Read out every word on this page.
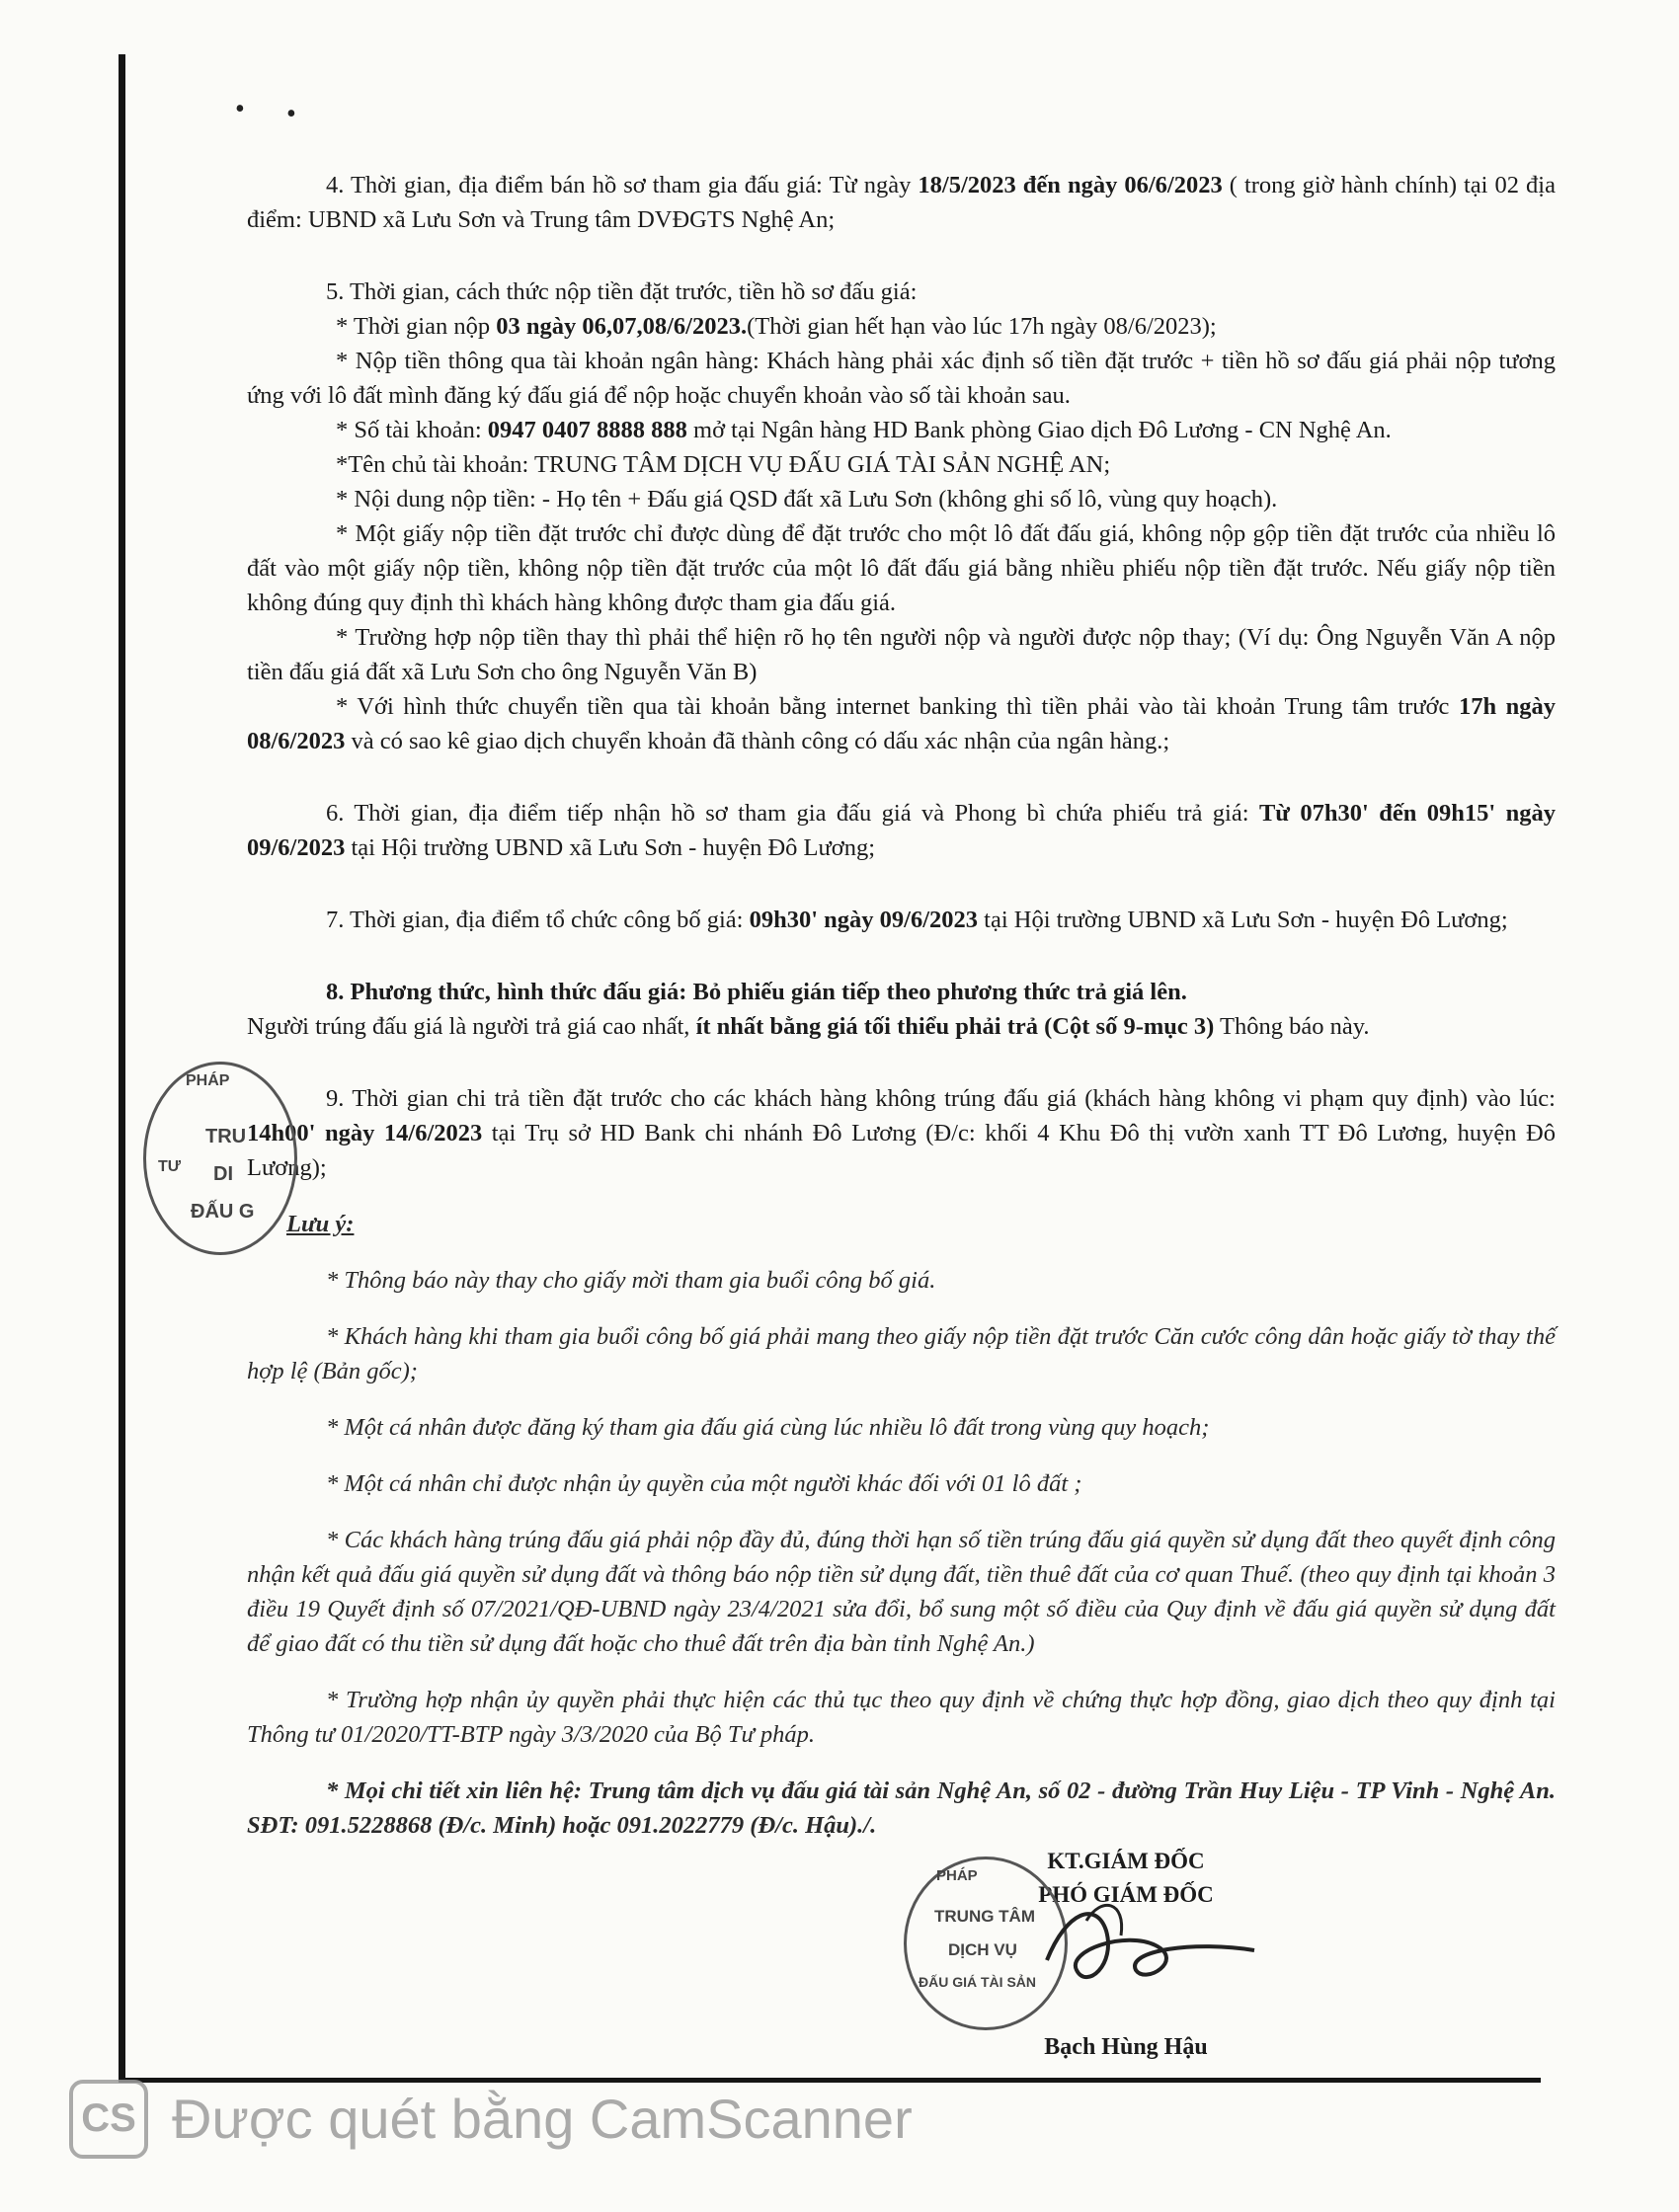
• •

4. Thời gian, địa điểm bán hồ sơ tham gia đấu giá: Từ ngày 18/5/2023 đến ngày 06/6/2023 ( trong giờ hành chính) tại 02 địa điểm: UBND xã Lưu Sơn và Trung tâm DVĐGTS Nghệ An;

5. Thời gian, cách thức nộp tiền đặt trước, tiền hồ sơ đấu giá:

* Thời gian nộp 03 ngày 06,07,08/6/2023.(Thời gian hết hạn vào lúc 17h ngày 08/6/2023);

* Nộp tiền thông qua tài khoản ngân hàng: Khách hàng phải xác định số tiền đặt trước + tiền hồ sơ đấu giá phải nộp tương ứng với lô đất mình đăng ký đấu giá để nộp hoặc chuyển khoản vào số tài khoản sau.

* Số tài khoản: 0947 0407 8888 888 mở tại Ngân hàng HD Bank phòng Giao dịch Đô Lương - CN Nghệ An.

*Tên chủ tài khoản: TRUNG TÂM DỊCH VỤ ĐẤU GIÁ TÀI SẢN NGHỆ AN;

* Nội dung nộp tiền: - Họ tên + Đấu giá QSD đất xã Lưu Sơn (không ghi số lô, vùng quy hoạch).

* Một giấy nộp tiền đặt trước chỉ được dùng để đặt trước cho một lô đất đấu giá, không nộp gộp tiền đặt trước của nhiều lô đất vào một giấy nộp tiền, không nộp tiền đặt trước của một lô đất đấu giá bằng nhiều phiếu nộp tiền đặt trước. Nếu giấy nộp tiền không đúng quy định thì khách hàng không được tham gia đấu giá.

* Trường hợp nộp tiền thay thì phải thể hiện rõ họ tên người nộp và người được nộp thay; (Ví dụ: Ông Nguyễn Văn A nộp tiền đấu giá đất xã Lưu Sơn cho ông Nguyễn Văn B)

* Với hình thức chuyển tiền qua tài khoản bằng internet banking thì tiền phải vào tài khoản Trung tâm trước 17h ngày 08/6/2023 và có sao kê giao dịch chuyển khoản đã thành công có dấu xác nhận của ngân hàng.;

6. Thời gian, địa điểm tiếp nhận hồ sơ tham gia đấu giá và Phong bì chứa phiếu trả giá: Từ 07h30' đến 09h15' ngày 09/6/2023 tại Hội trường UBND xã Lưu Sơn - huyện Đô Lương;

7. Thời gian, địa điểm tổ chức công bố giá: 09h30' ngày 09/6/2023 tại Hội trường UBND xã Lưu Sơn - huyện Đô Lương;

8. Phương thức, hình thức đấu giá: Bỏ phiếu gián tiếp theo phương thức trả giá lên.

Người trúng đấu giá là người trả giá cao nhất, ít nhất bằng giá tối thiểu phải trả (Cột số 9-mục 3) Thông báo này.

9. Thời gian chi trả tiền đặt trước cho các khách hàng không trúng đấu giá (khách hàng không vi phạm quy định) vào lúc: 14h00' ngày 14/6/2023 tại Trụ sở HD Bank chi nhánh Đô Lương (Đ/c: khối 4 Khu Đô thị vườn xanh TT Đô Lương, huyện Đô Lương);

Lưu ý:

* Thông báo này thay cho giấy mời tham gia buổi công bố giá.

* Khách hàng khi tham gia buổi công bố giá phải mang theo giấy nộp tiền đặt trước Căn cước công dân hoặc giấy tờ thay thế hợp lệ (Bản gốc);

* Một cá nhân được đăng ký tham gia đấu giá cùng lúc nhiều lô đất trong vùng quy hoạch;

* Một cá nhân chỉ được nhận ủy quyền của một người khác đối với 01 lô đất ;

* Các khách hàng trúng đấu giá phải nộp đầy đủ, đúng thời hạn số tiền trúng đấu giá quyền sử dụng đất theo quyết định công nhận kết quả đấu giá quyền sử dụng đất và thông báo nộp tiền sử dụng đất, tiền thuê đất của cơ quan Thuế. (theo quy định tại khoản 3 điều 19 Quyết định số 07/2021/QĐ-UBND ngày 23/4/2021 sửa đổi, bổ sung một số điều của Quy định về đấu giá quyền sử dụng đất để giao đất có thu tiền sử dụng đất hoặc cho thuê đất trên địa bàn tỉnh Nghệ An.)

* Trường hợp nhận ủy quyền phải thực hiện các thủ tục theo quy định về chứng thực hợp đồng, giao dịch theo quy định tại Thông tư 01/2020/TT-BTP ngày 3/3/2020 của Bộ Tư pháp.

* Mọi chi tiết xin liên hệ: Trung tâm dịch vụ đấu giá tài sản Nghệ An, số 02 - đường Trần Huy Liệu - TP Vinh - Nghệ An. SĐT: 091.5228868 (Đ/c. Minh) hoặc 091.2022779 (Đ/c. Hậu)./.

PHÁP
TRU
DI
ĐẤU G
TƯ
KT.GIÁM ĐỐC
PHÓ GIÁM ĐỐC
PHÁP
TRUNG TÂM
DỊCH VỤ
ĐẤU GIÁ TÀI SẢN
Bạch Hùng Hậu
CS Được quét bằng CamScanner
